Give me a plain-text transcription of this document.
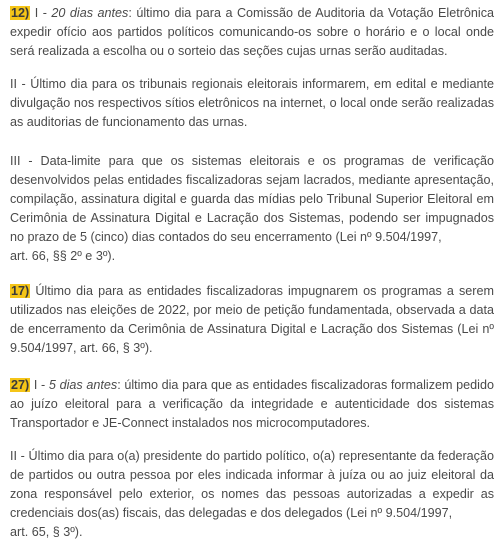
12) I - 20 dias antes: último dia para a Comissão de Auditoria da Votação Eletrônica expedir ofício aos partidos políticos comunicando-os sobre o horário e o local onde será realizada a escolha ou o sorteio das seções cujas urnas serão auditadas.

II - Último dia para os tribunais regionais eleitorais informarem, em edital e mediante divulgação nos respectivos sítios eletrônicos na internet, o local onde serão realizadas as auditorias de funcionamento das urnas.

III - Data-limite para que os sistemas eleitorais e os programas de verificação desenvolvidos pelas entidades fiscalizadoras sejam lacrados, mediante apresentação, compilação, assinatura digital e guarda das mídias pelo Tribunal Superior Eleitoral em Cerimônia de Assinatura Digital e Lacração dos Sistemas, podendo ser impugnados no prazo de 5 (cinco) dias contados do seu encerramento (Lei nº 9.504/1997,
art. 66, §§ 2º e 3º).

17) Último dia para as entidades fiscalizadoras impugnarem os programas a serem utilizados nas eleições de 2022, por meio de petição fundamentada, observada a data de encerramento da Cerimônia de Assinatura Digital e Lacração dos Sistemas (Lei nº 9.504/1997, art. 66, § 3º).

27) I - 5 dias antes: último dia para que as entidades fiscalizadoras formalizem pedido ao juízo eleitoral para a verificação da integridade e autenticidade dos sistemas Transportador e JE-Connect instalados nos microcomputadores.

II - Último dia para o(a) presidente do partido político, o(a) representante da federação de partidos ou outra pessoa por eles indicada informar à juíza ou ao juiz eleitoral da zona responsável pelo exterior, os nomes das pessoas autorizadas a expedir as credenciais dos(as) fiscais, das delegadas e dos delegados (Lei nº 9.504/1997,
art. 65, § 3º).
